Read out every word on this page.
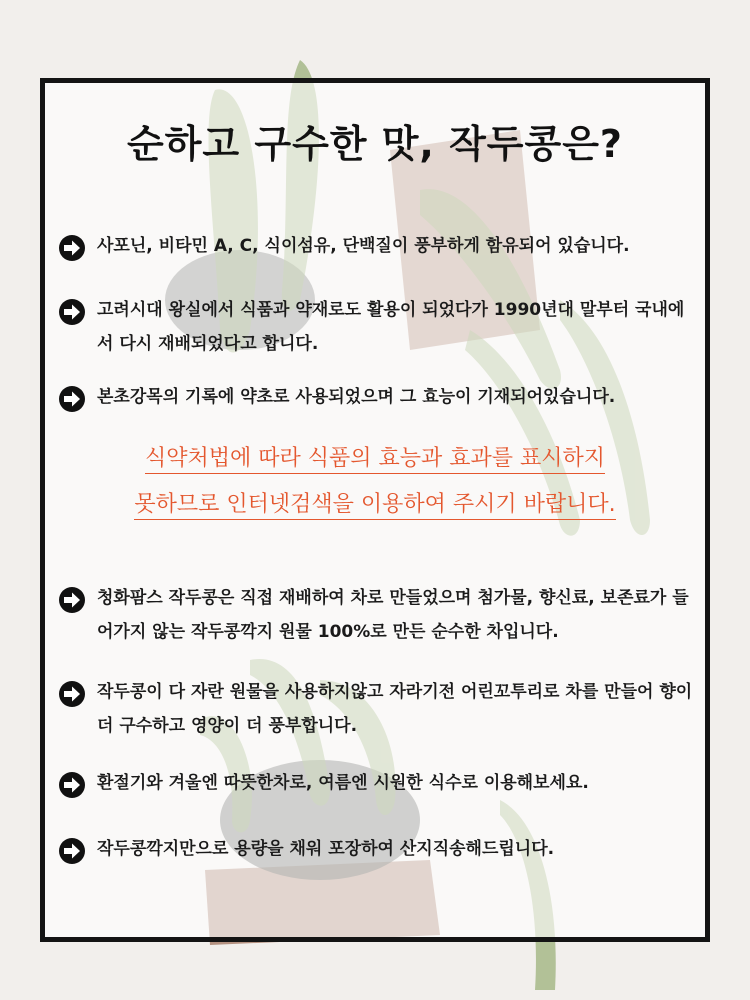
순하고 구수한 맛, 작두콩은?
사포닌, 비타민 A, C, 식이섬유, 단백질이 풍부하게 함유되어 있습니다.
고려시대 왕실에서 식품과 약재로도 활용이 되었다가 1990년대 말부터 국내에서 다시 재배되었다고 합니다.
본초강목의 기록에 약초로 사용되었으며 그 효능이 기재되어있습니다.
식약처법에 따라 식품의 효능과 효과를 표시하지
못하므로 인터넷검색을 이용하여 주시기 바랍니다.
청화팜스 작두콩은 직접 재배하여 차로 만들었으며 첨가물, 향신료, 보존료가 들어가지 않는 작두콩깍지 원물 100%로 만든 순수한 차입니다.
작두콩이 다 자란 원물을 사용하지않고 자라기전 어린꼬투리로 차를 만들어 향이 더 구수하고 영양이 더 풍부합니다.
환절기와 겨울엔 따뜻한차로, 여름엔 시원한 식수로 이용해보세요.
작두콩깍지만으로 용량을 채워 포장하여 산지직송해드립니다.
